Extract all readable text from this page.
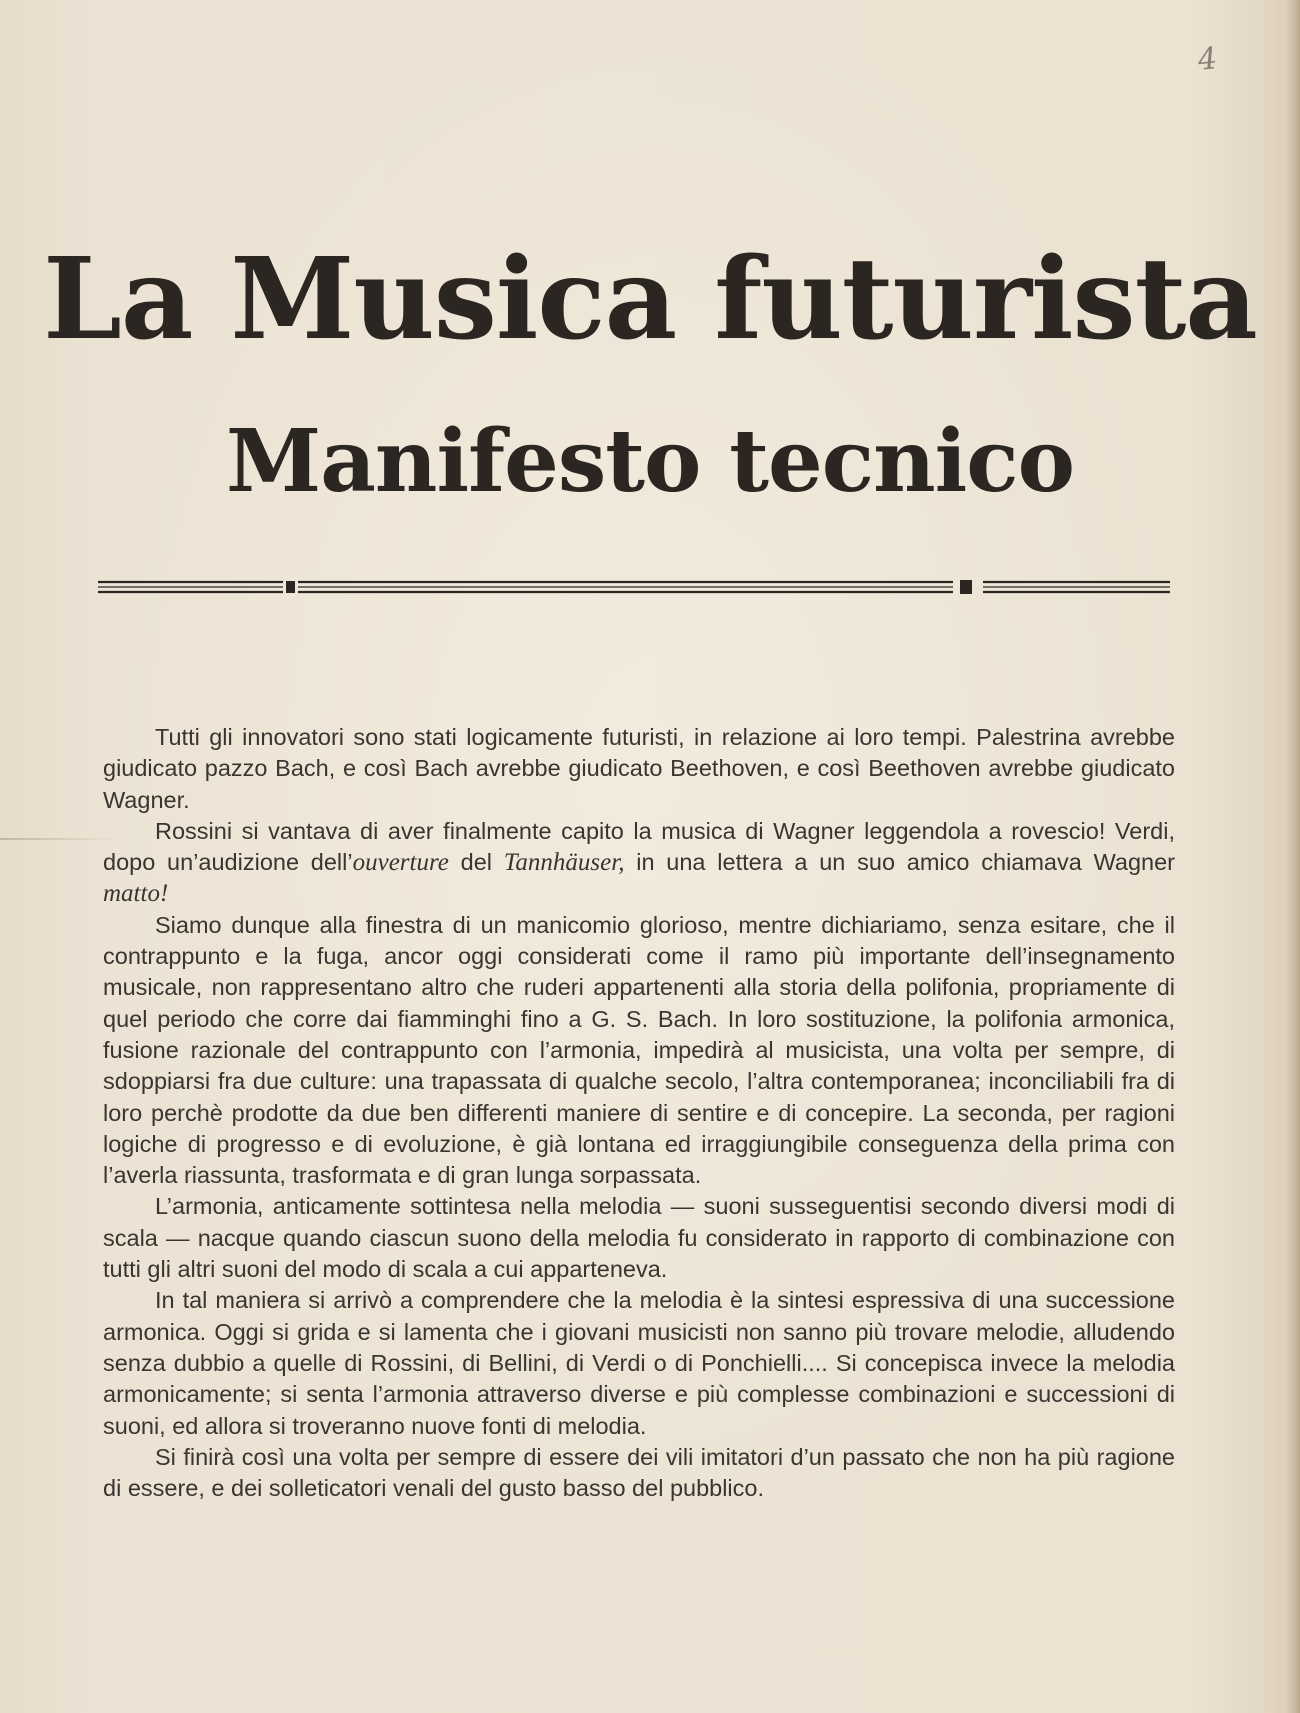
4
La Musica futurista
Manifesto tecnico

Tutti gli innovatori sono stati logicamente futuristi, in relazione ai loro tempi. Palestrina avrebbe giudicato pazzo Bach, e così Bach avrebbe giudicato Beethoven, e così Beethoven avrebbe giudicato Wagner.

Rossini si vantava di aver finalmente capito la musica di Wagner leggendola a rovescio! Verdi, dopo un’audizione dell’ouverture del Tannhäuser, in una lettera a un suo amico chiamava Wagner matto!

Siamo dunque alla finestra di un manicomio glorioso, mentre dichiariamo, senza esitare, che il contrappunto e la fuga, ancor oggi considerati come il ramo più importante dell’insegnamento musicale, non rappresentano altro che ruderi appartenenti alla storia della polifonia, propriamente di quel periodo che corre dai fiamminghi fino a G. S. Bach. In loro sostituzione, la polifonia armonica, fusione razionale del contrappunto con l’armonia, impedirà al musicista, una volta per sempre, di sdoppiarsi fra due culture: una trapassata di qualche secolo, l’altra contemporanea; inconciliabili fra di loro perchè prodotte da due ben differenti maniere di sentire e di concepire. La seconda, per ragioni logiche di progresso e di evoluzione, è già lontana ed irraggiungibile conseguenza della prima con l’averla riassunta, trasformata e di gran lunga sorpassata.

L’armonia, anticamente sottintesa nella melodia — suoni susseguentisi secondo diversi modi di scala — nacque quando ciascun suono della melodia fu considerato in rapporto di combinazione con tutti gli altri suoni del modo di scala a cui apparteneva.

In tal maniera si arrivò a comprendere che la melodia è la sintesi espressiva di una successione armonica. Oggi si grida e si lamenta che i giovani musicisti non sanno più trovare melodie, alludendo senza dubbio a quelle di Rossini, di Bellini, di Verdi o di Ponchielli.... Si concepisca invece la melodia armonicamente; si senta l’armonia attraverso diverse e più complesse combinazioni e successioni di suoni, ed allora si troveranno nuove fonti di melodia.

Si finirà così una volta per sempre di essere dei vili imitatori d’un passato che non ha più ragione di essere, e dei solleticatori venali del gusto basso del pubblico.
